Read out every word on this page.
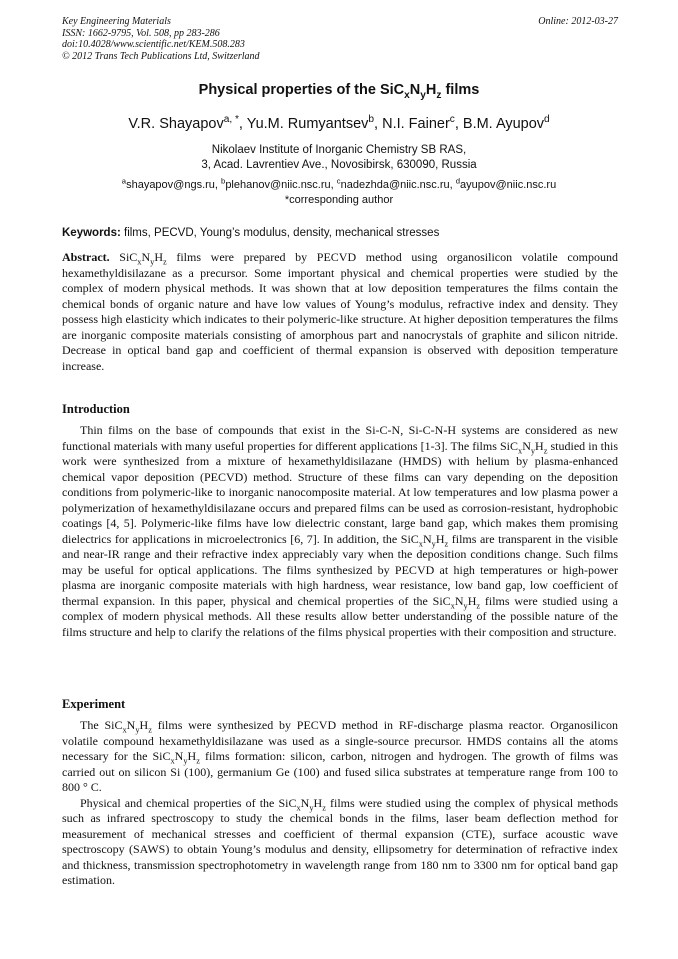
Key Engineering Materials
ISSN: 1662-9795, Vol. 508, pp 283-286
doi:10.4028/www.scientific.net/KEM.508.283
© 2012 Trans Tech Publications Ltd, Switzerland
Online: 2012-03-27
Physical properties of the $SiC_xN_yH_z$ films
V.R. Shayapov$^{a, *}$, Yu.M. Rumyantsev$^b$, N.I. Fainer$^c$, B.M. Ayupov$^d$
Nikolaev Institute of Inorganic Chemistry SB RAS,
3, Acad. Lavrentiev Ave., Novosibirsk, 630090, Russia
$^a$shayapov@ngs.ru, $^b$plehanov@niic.nsc.ru, $^c$nadezhda@niic.nsc.ru, $^d$ayupov@niic.nsc.ru
*corresponding author
Keywords: films, PECVD, Young’s modulus, density, mechanical stresses

Abstract. $SiC_xN_yH_z$ films were prepared by PECVD method using organosilicon volatile compound hexamethyldisilazane as a precursor. Some important physical and chemical properties were studied by the complex of modern physical methods. It was shown that at low deposition temperatures the films contain the chemical bonds of organic nature and have low values of Young’s modulus, refractive index and density. They possess high elasticity which indicates to their polymeric-like structure. At higher deposition temperatures the films are inorganic composite materials consisting of amorphous part and nanocrystals of graphite and silicon nitride. Decrease in optical band gap and coefficient of thermal expansion is observed with deposition temperature increase.

Introduction

Thin films on the base of compounds that exist in the Si-C-N, Si-C-N-H systems are considered as new functional materials with many useful properties for different applications [1-3]. The films $SiC_xN_yH_z$ studied in this work were synthesized from a mixture of hexamethyldisilazane (HMDS) with helium by plasma-enhanced chemical vapor deposition (PECVD) method. Structure of these films can vary depending on the deposition conditions from polymeric-like to inorganic nanocomposite material. At low temperatures and low plasma power a polymerization of hexamethyldisilazane occurs and prepared films can be used as corrosion-resistant, hydrophobic coatings [4, 5]. Polymeric-like films have low dielectric constant, large band gap, which makes them promising dielectrics for applications in microelectronics [6, 7]. In addition, the $SiC_xN_yH_z$ films are transparent in the visible and near-IR range and their refractive index appreciably vary when the deposition conditions change. Such films may be useful for optical applications. The films synthesized by PECVD at high temperatures or high-power plasma are inorganic composite materials with high hardness, wear resistance, low band gap, low coefficient of thermal expansion. In this paper, physical and chemical properties of the $SiC_xN_yH_z$ films were studied using a complex of modern physical methods. All these results allow better understanding of the possible nature of the films structure and help to clarify the relations of the films physical properties with their composition and structure.

Experiment

The $SiC_xN_yH_z$ films were synthesized by PECVD method in RF-discharge plasma reactor. Organosilicon volatile compound hexamethyldisilazane was used as a single-source precursor. HMDS contains all the atoms necessary for the $SiC_xN_yH_z$ films formation: silicon, carbon, nitrogen and hydrogen. The growth of films was carried out on silicon Si (100), germanium Ge (100) and fused silica substrates at temperature range from 100 to 800 ° C.

Physical and chemical properties of the $SiC_xN_yH_z$ films were studied using the complex of physical methods such as infrared spectroscopy to study the chemical bonds in the films, laser beam deflection method for measurement of mechanical stresses and coefficient of thermal expansion (CTE), surface acoustic wave spectroscopy (SAWS) to obtain Young’s modulus and density, ellipsometry for determination of refractive index and thickness, transmission spectrophotometry in wavelength range from 180 nm to 3300 nm for optical band gap estimation.
